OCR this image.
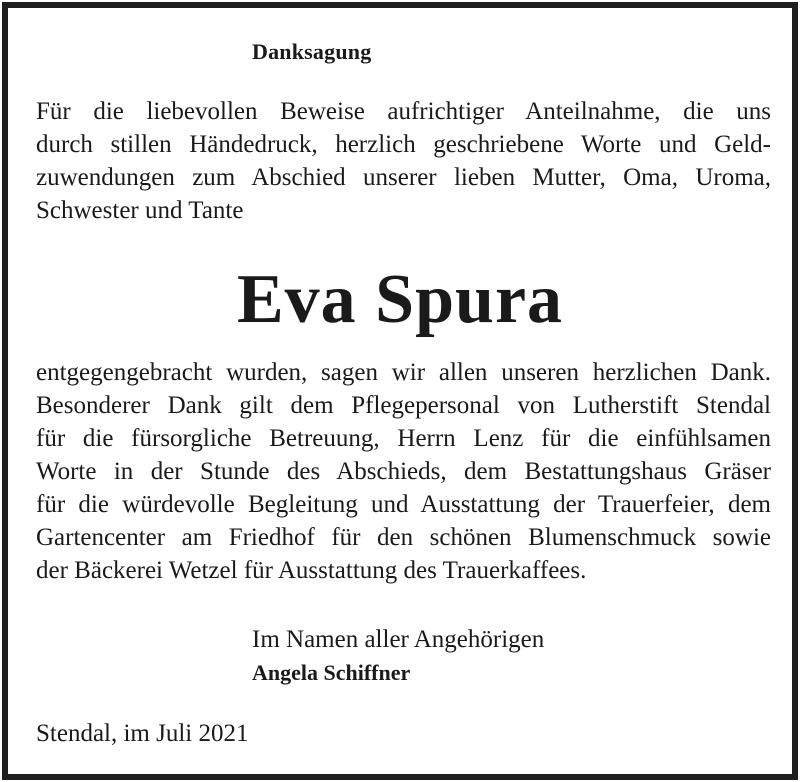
Danksagung
Für die liebevollen Beweise aufrichtiger Anteilnahme, die uns
durch stillen Händedruck, herzlich geschriebene Worte und Geld-
zuwendungen zum Abschied unserer lieben Mutter, Oma, Uroma,
Schwester und Tante
Eva Spura
entgegengebracht wurden, sagen wir allen unseren herzlichen Dank.
Besonderer Dank gilt dem Pflegepersonal von Lutherstift Stendal
für die fürsorgliche Betreuung, Herrn Lenz für die einfühlsamen
Worte in der Stunde des Abschieds, dem Bestattungshaus Gräser
für die würdevolle Begleitung und Ausstattung der Trauerfeier, dem
Gartencenter am Friedhof für den schönen Blumenschmuck sowie
der Bäckerei Wetzel für Ausstattung des Trauerkaffees.
Im Namen aller Angehörigen
Angela Schiffner
Stendal, im Juli 2021
